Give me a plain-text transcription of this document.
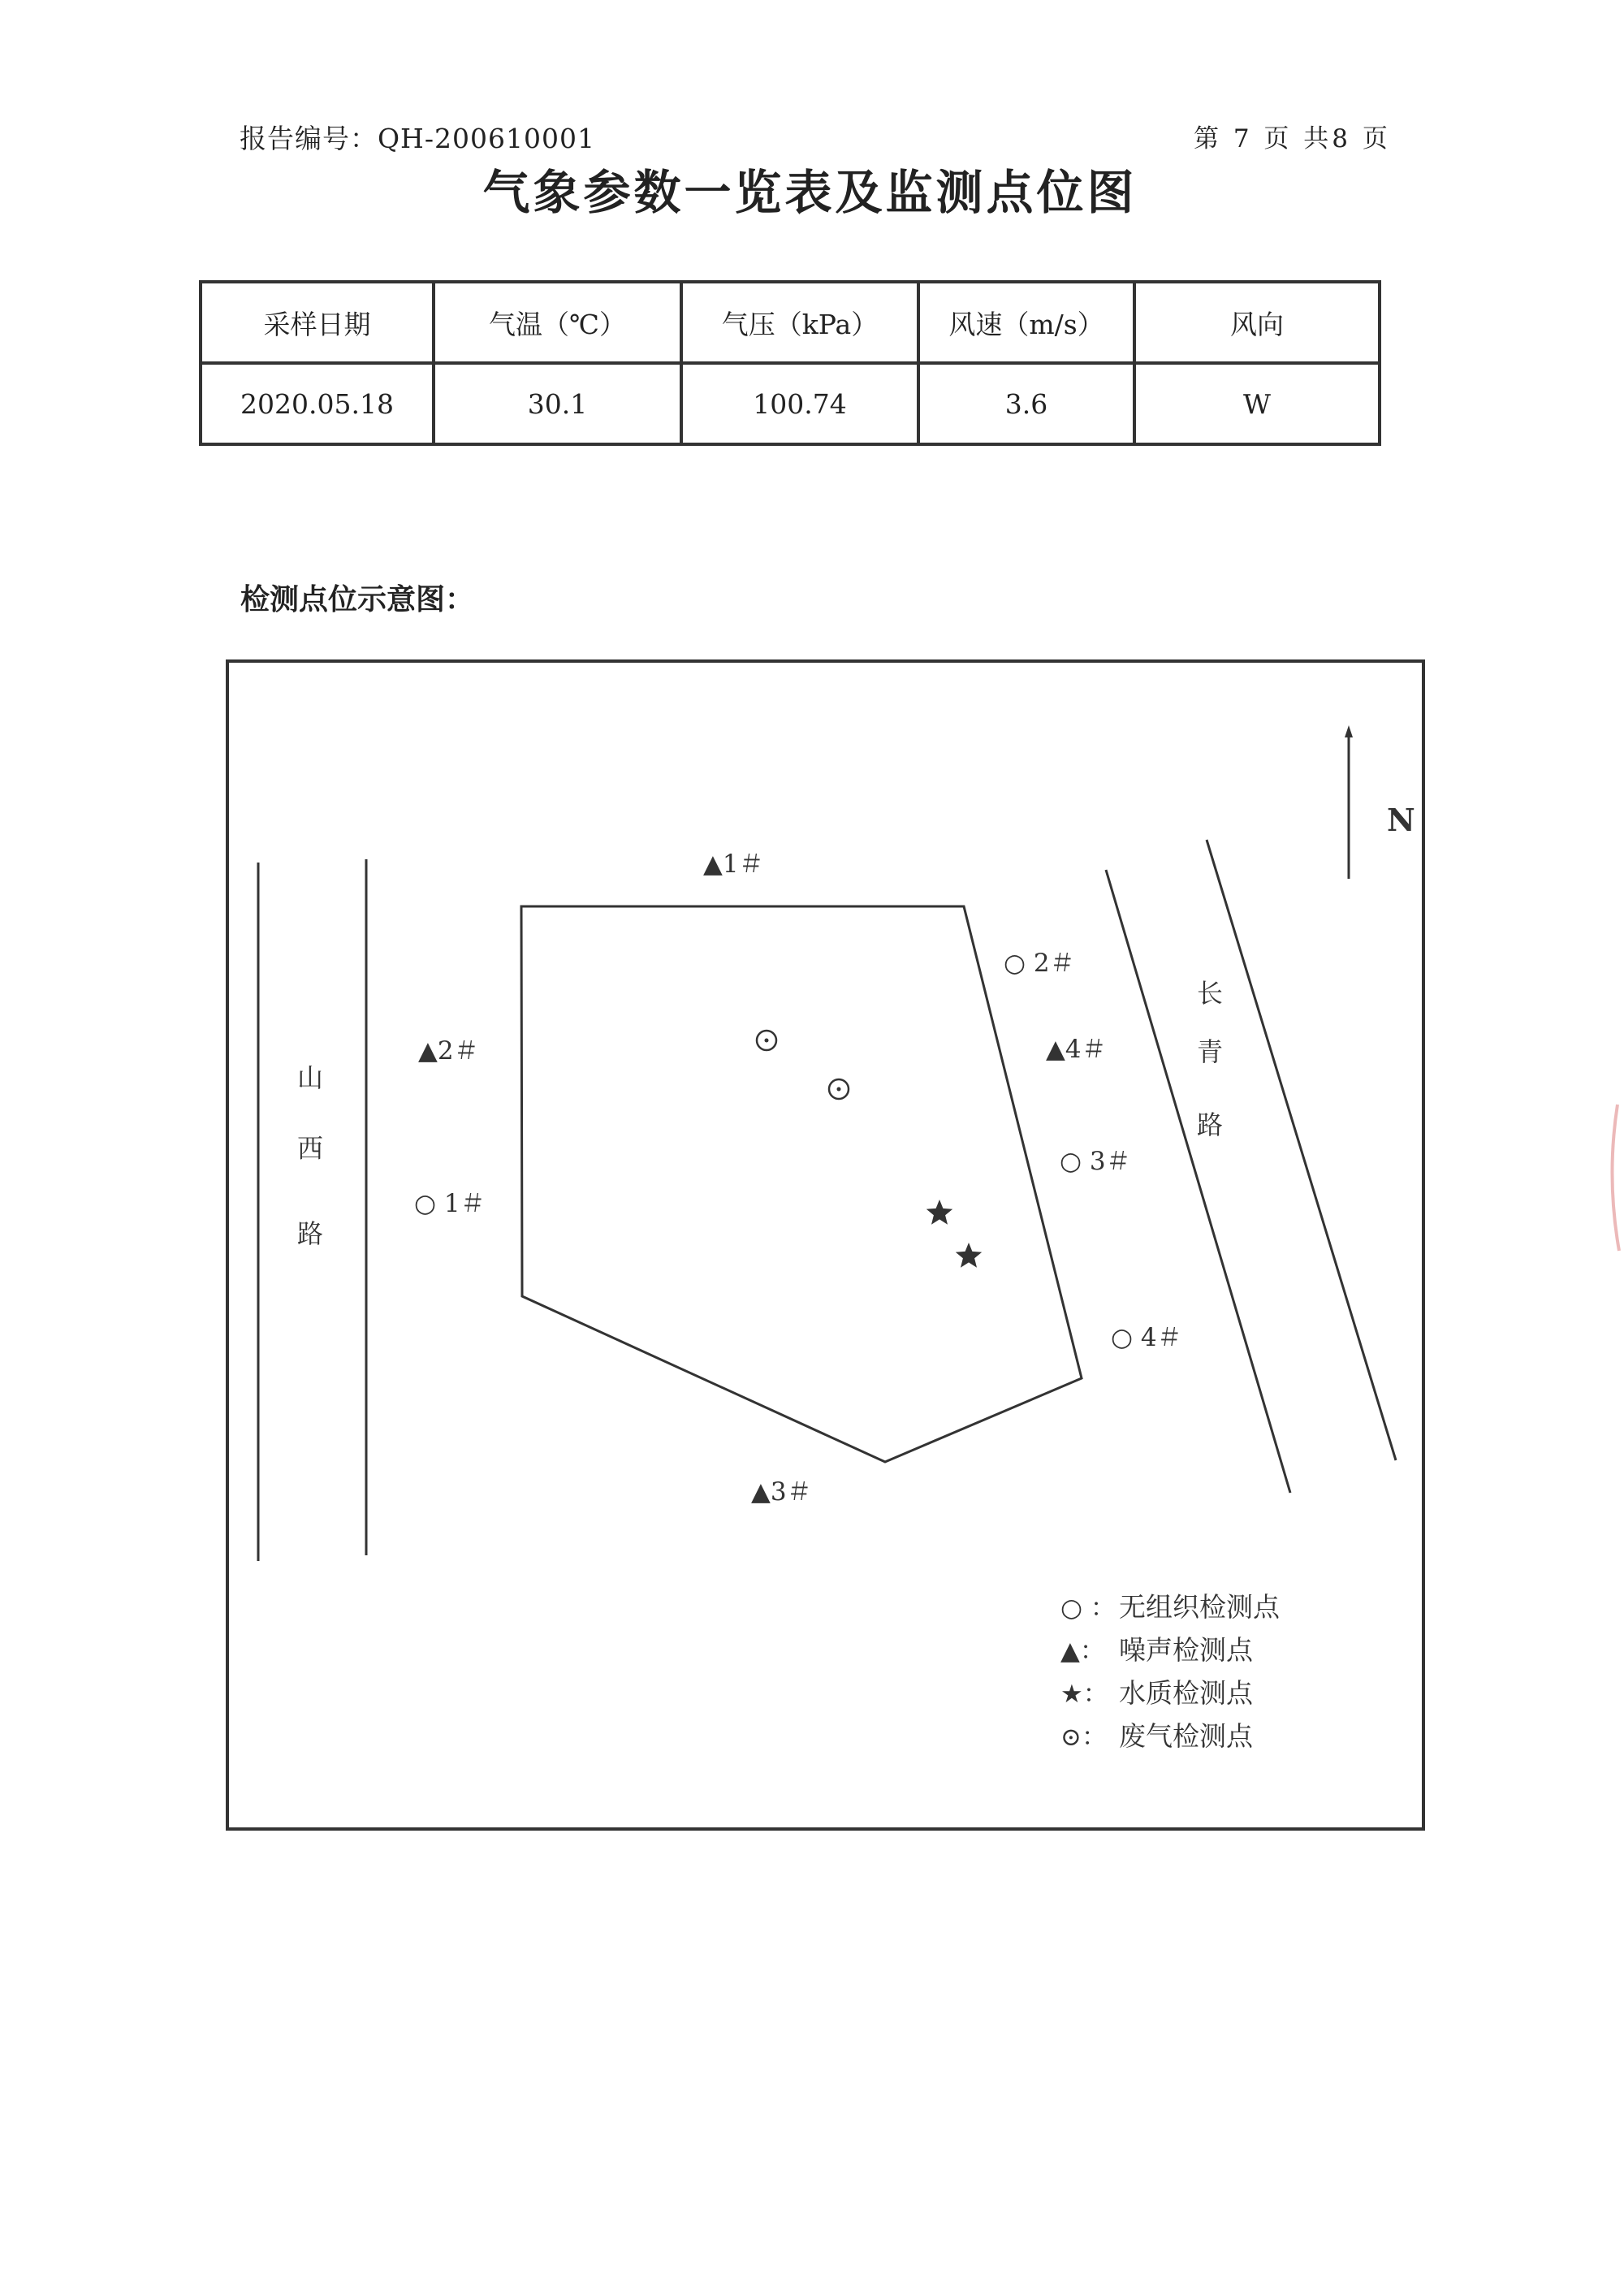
报告编号：QH-200610001	第 7 页 共8 页
气象参数一览表及监测点位图
采样日期	气温（℃）	气压（kPa）	风速（m/s）	风向
2020.05.18	30.1	100.74	3.6	W
检测点位示意图：
N
山
西
路
长
青
路
▲1＃
▲2＃
▲3＃
▲4＃
○ 1＃
○ 2＃
○ 3＃
○ 4＃
○ ： 无组织检测点
▲： 噪声检测点
★： 水质检测点
⊙： 废气检测点
